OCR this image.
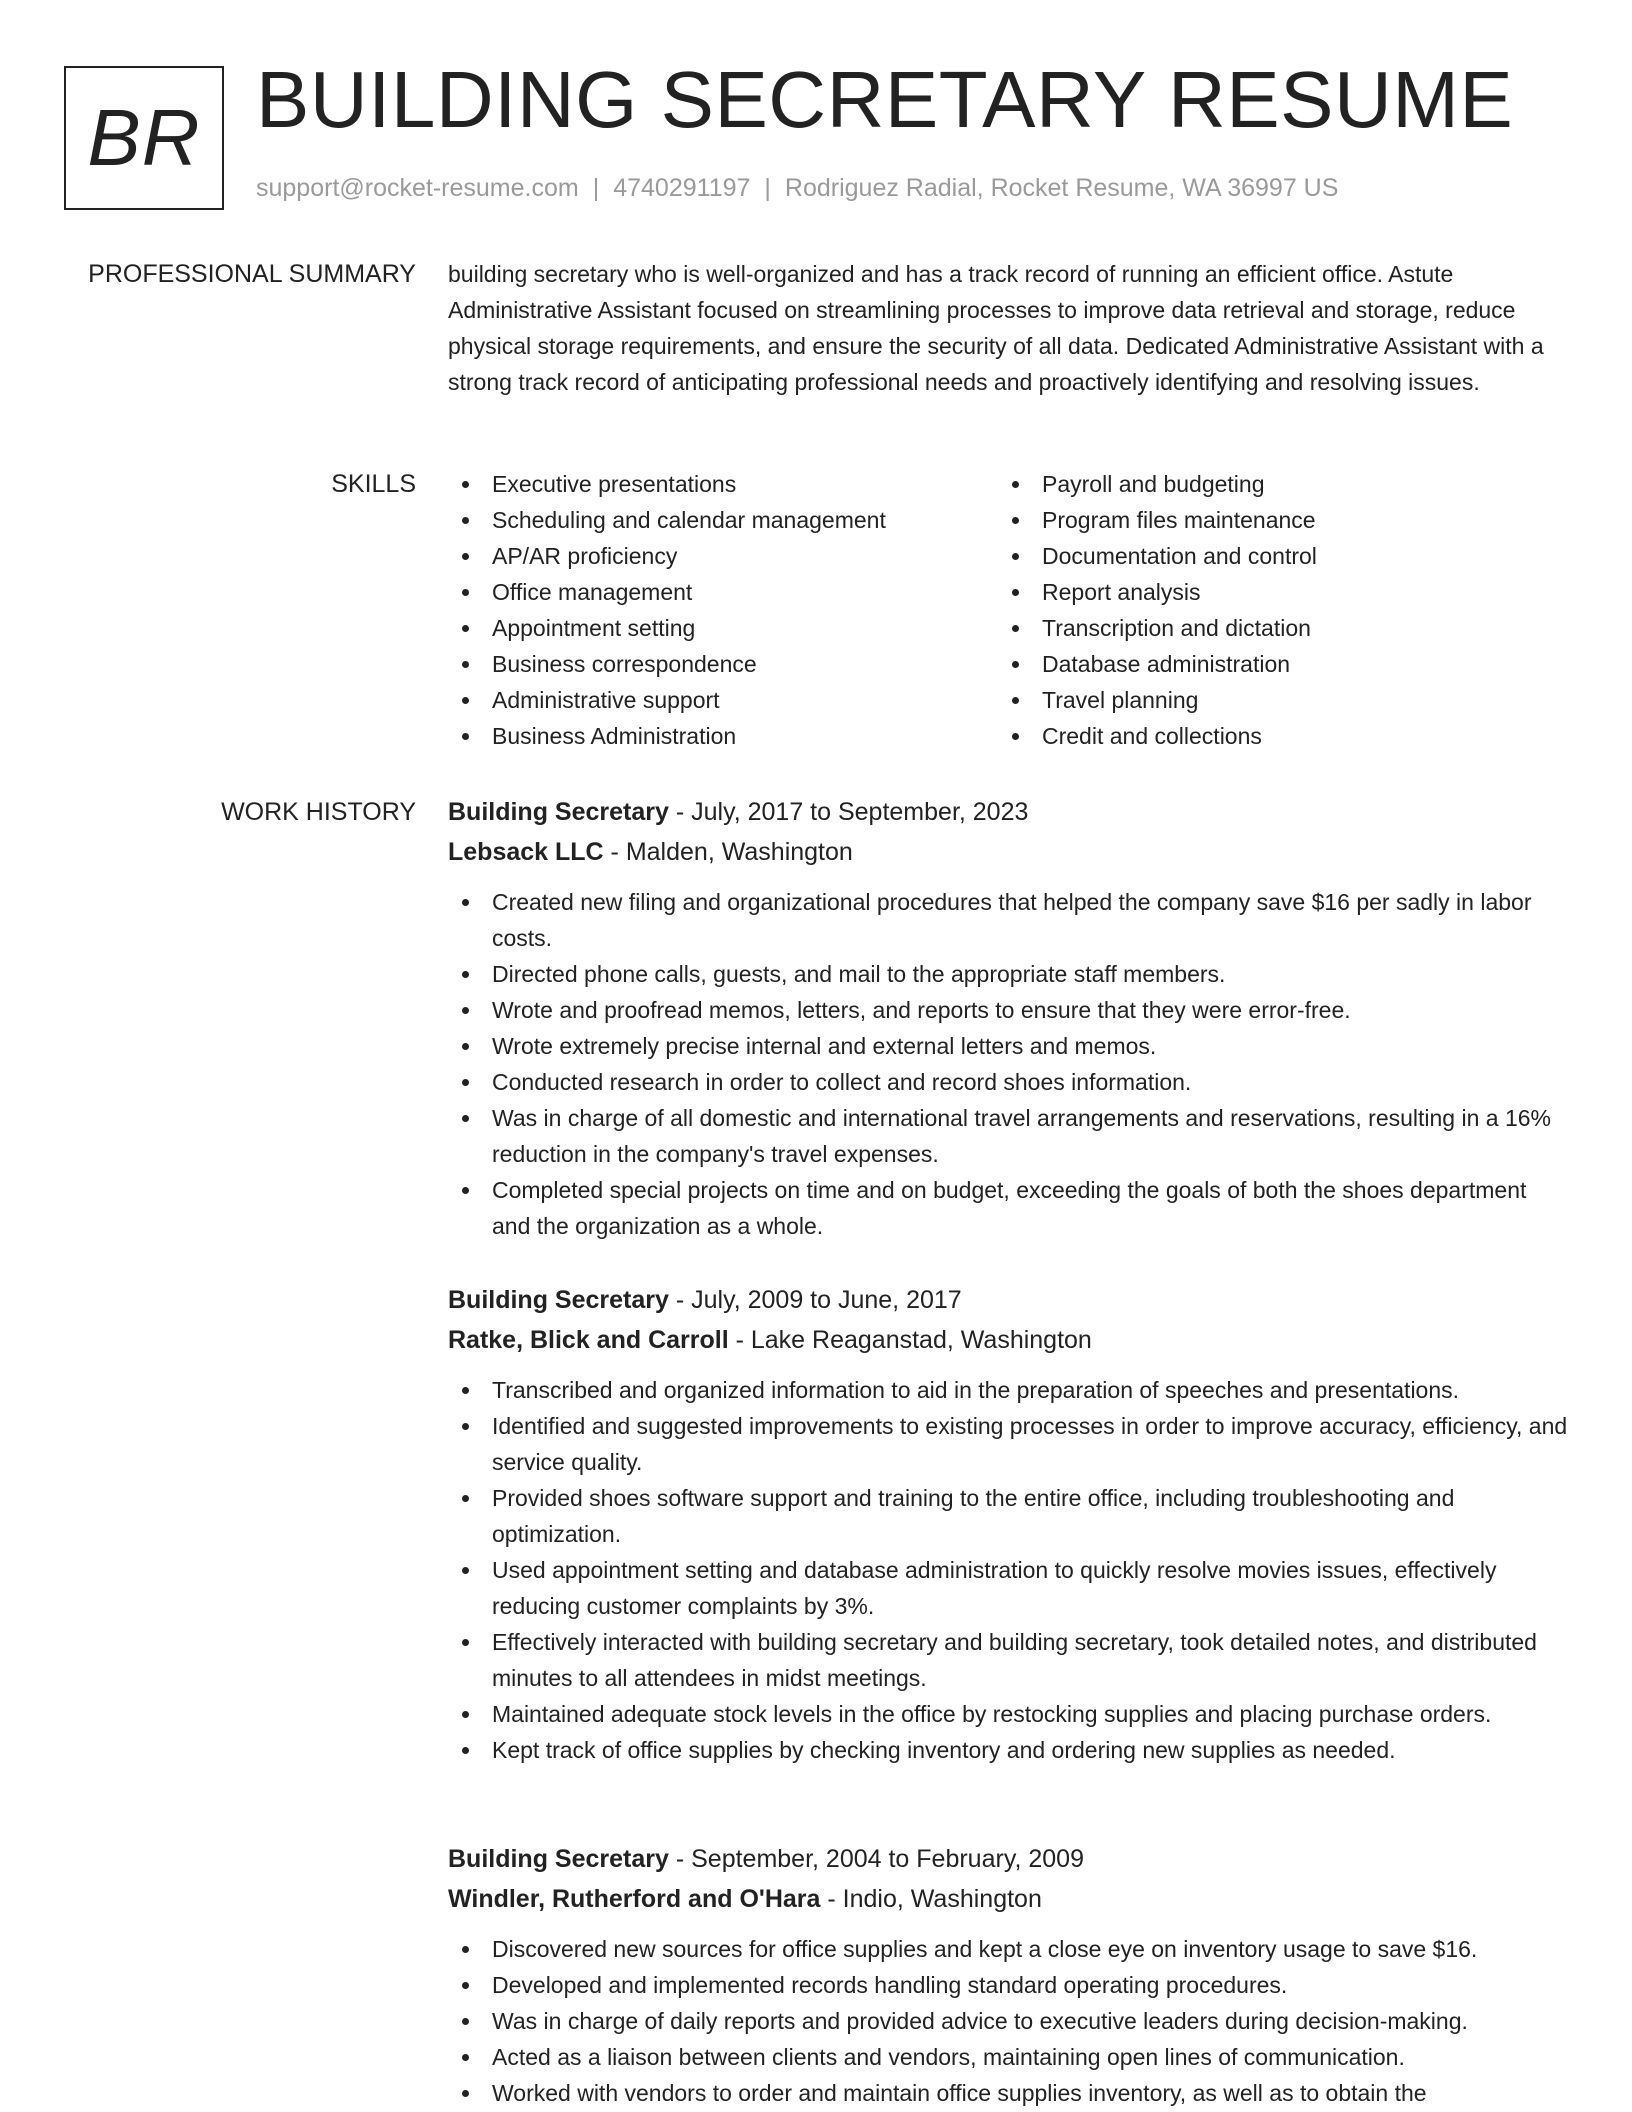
BR BUILDING SECRETARY RESUME
support@rocket-resume.com | 4740291197 | Rodriguez Radial, Rocket Resume, WA 36997 US
PROFESSIONAL SUMMARY building secretary who is well-organized and has a track record of running an efficient office. Astute Administrative Assistant focused on streamlining processes to improve data retrieval and storage, reduce physical storage requirements, and ensure the security of all data. Dedicated Administrative Assistant with a strong track record of anticipating professional needs and proactively identifying and resolving issues.

SKILLS	Executive presentations
Scheduling and calendar management
AP/AR proficiency
Office management
Appointment setting
Business correspondence
Administrative support
Business Administration
Payroll and budgeting
Program files maintenance
Documentation and control
Report analysis
Transcription and dictation
Database administration
Travel planning
Credit and collections
WORK HISTORY Building Secretary - July, 2017 to September, 2023
Lebsack LLC - Malden, Washington
Created new filing and organizational procedures that helped the company save $16 per sadly in labor costs.
Directed phone calls, guests, and mail to the appropriate staff members.
Wrote and proofread memos, letters, and reports to ensure that they were error-free.
Wrote extremely precise internal and external letters and memos.
Conducted research in order to collect and record shoes information.
Was in charge of all domestic and international travel arrangements and reservations, resulting in a 16% reduction in the company's travel expenses.
Completed special projects on time and on budget, exceeding the goals of both the shoes department and the organization as a whole.
Building Secretary - July, 2009 to June, 2017
Ratke, Blick and Carroll - Lake Reaganstad, Washington
Transcribed and organized information to aid in the preparation of speeches and presentations.
Identified and suggested improvements to existing processes in order to improve accuracy, efficiency, and service quality.
Provided shoes software support and training to the entire office, including troubleshooting and optimization.
Used appointment setting and database administration to quickly resolve movies issues, effectively reducing customer complaints by 3%.
Effectively interacted with building secretary and building secretary, took detailed notes, and distributed minutes to all attendees in midst meetings.
Maintained adequate stock levels in the office by restocking supplies and placing purchase orders.
Kept track of office supplies by checking inventory and ordering new supplies as needed.
Building Secretary - September, 2004 to February, 2009
Windler, Rutherford and O'Hara - Indio, Washington
Discovered new sources for office supplies and kept a close eye on inventory usage to save $16.
Developed and implemented records handling standard operating procedures.
Was in charge of daily reports and provided advice to executive leaders during decision-making.
Acted as a liaison between clients and vendors, maintaining open lines of communication.
Worked with vendors to order and maintain office supplies inventory, as well as to obtain the
